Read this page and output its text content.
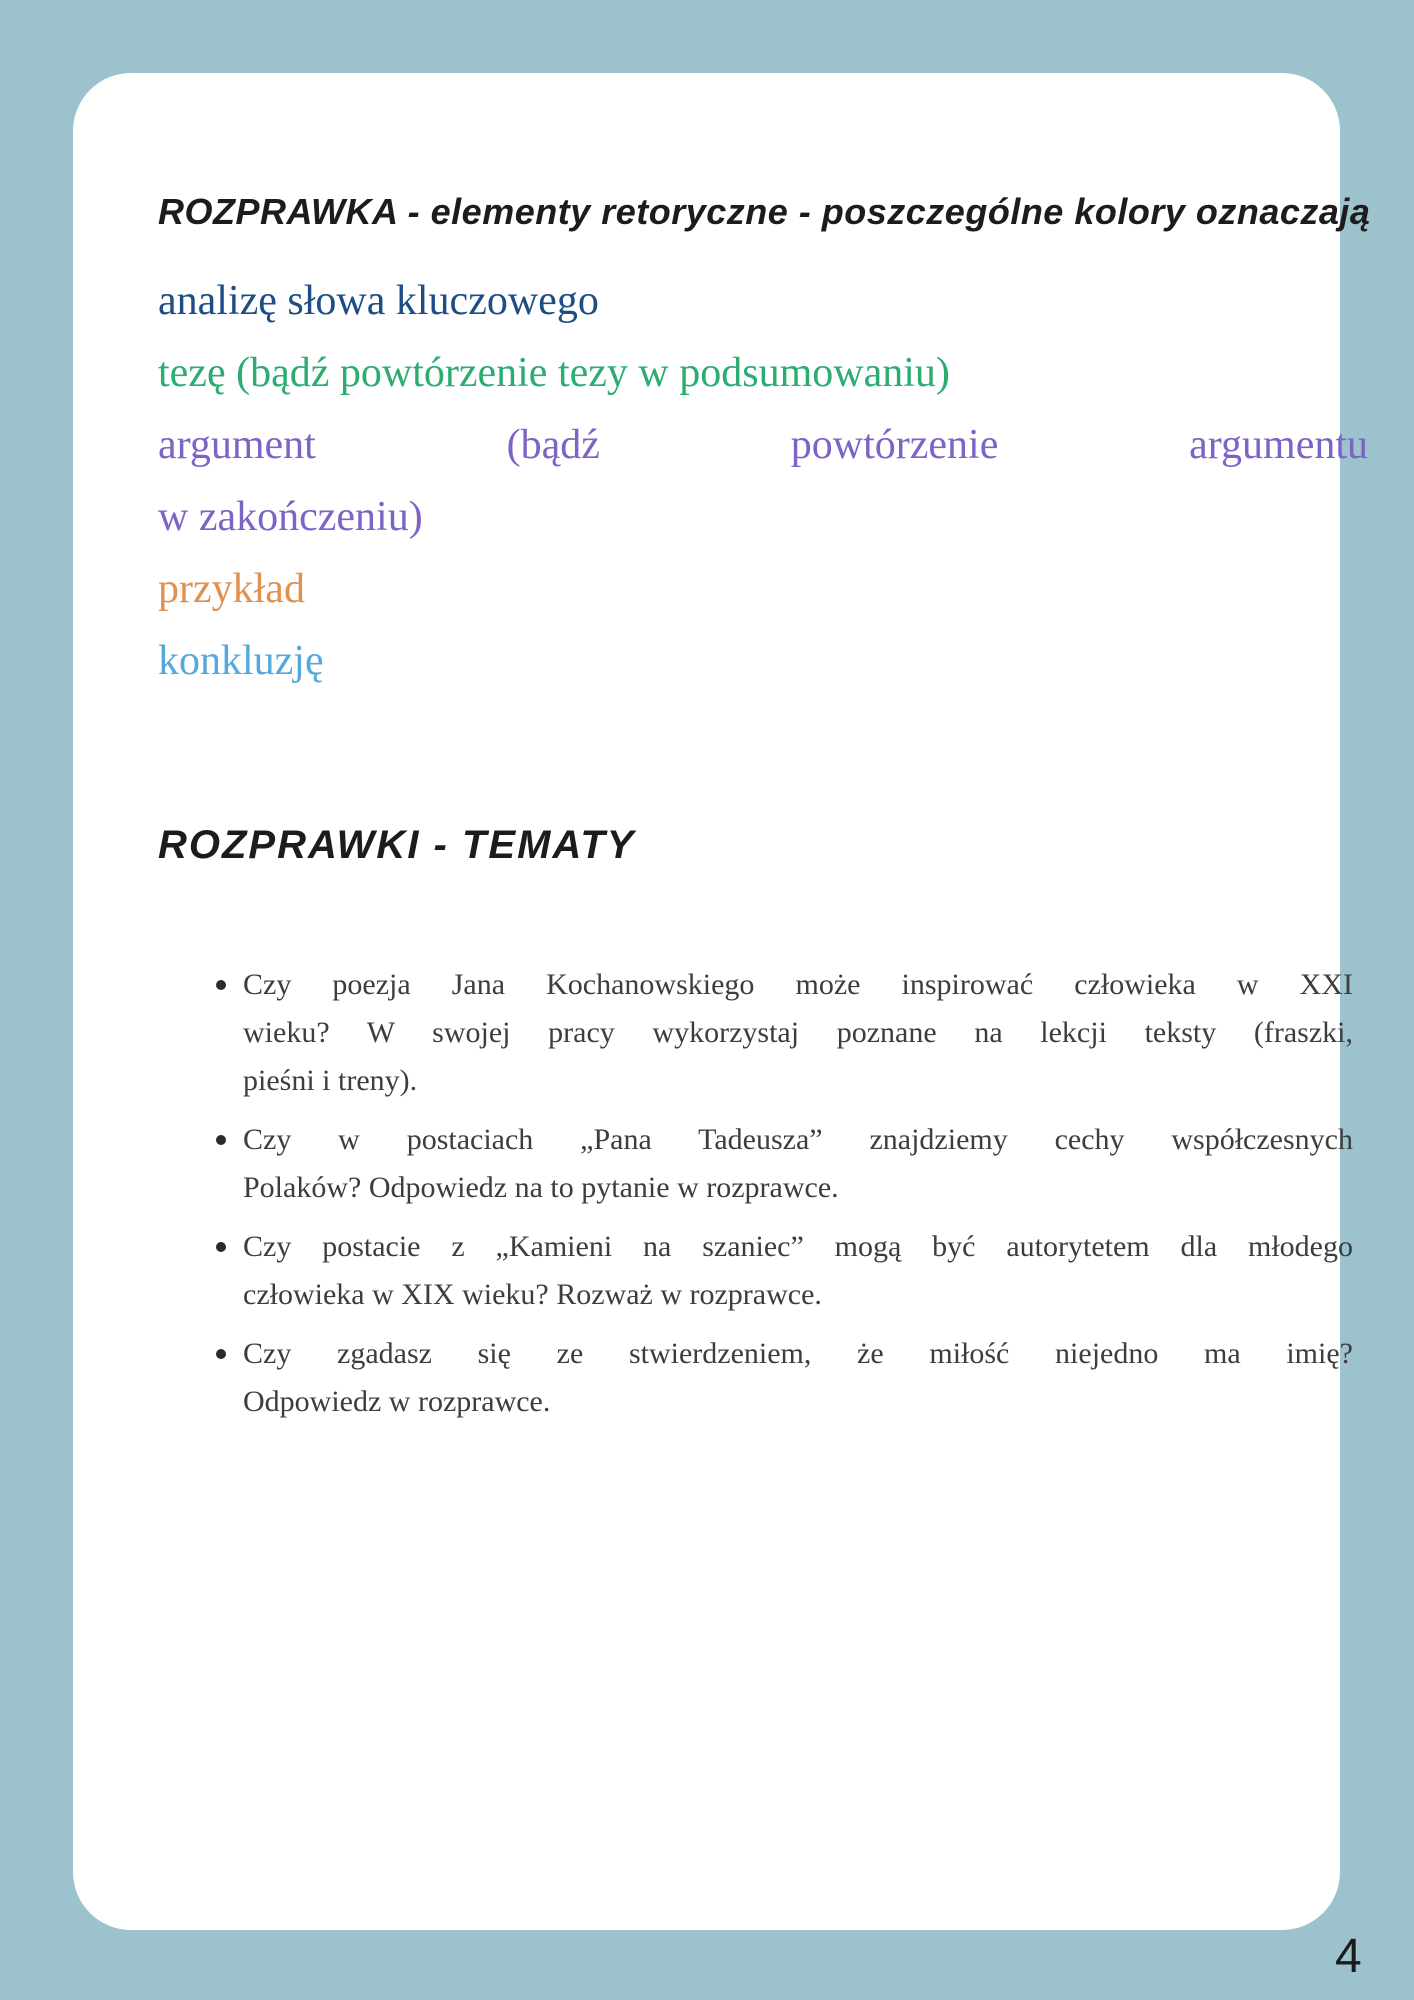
ROZPRAWKA - elementy retoryczne - poszczególne kolory oznaczają
analizę słowa kluczowego
tezę (bądź powtórzenie tezy w podsumowaniu)
argument (bądź powtórzenie argumentu
w zakończeniu)
przykład
konkluzję
ROZPRAWKI - TEMATY
Czy poezja Jana Kochanowskiego może inspirować człowieka w XXI
wieku? W swojej pracy wykorzystaj poznane na lekcji teksty (fraszki,
pieśni i treny).
Czy w postaciach „Pana Tadeusza” znajdziemy cechy współczesnych
Polaków? Odpowiedz na to pytanie w rozprawce.
Czy postacie z „Kamieni na szaniec” mogą być autorytetem dla młodego
człowieka w XIX wieku? Rozważ w rozprawce.
Czy zgadasz się ze stwierdzeniem, że miłość niejedno ma imię?
Odpowiedz w rozprawce.
4
